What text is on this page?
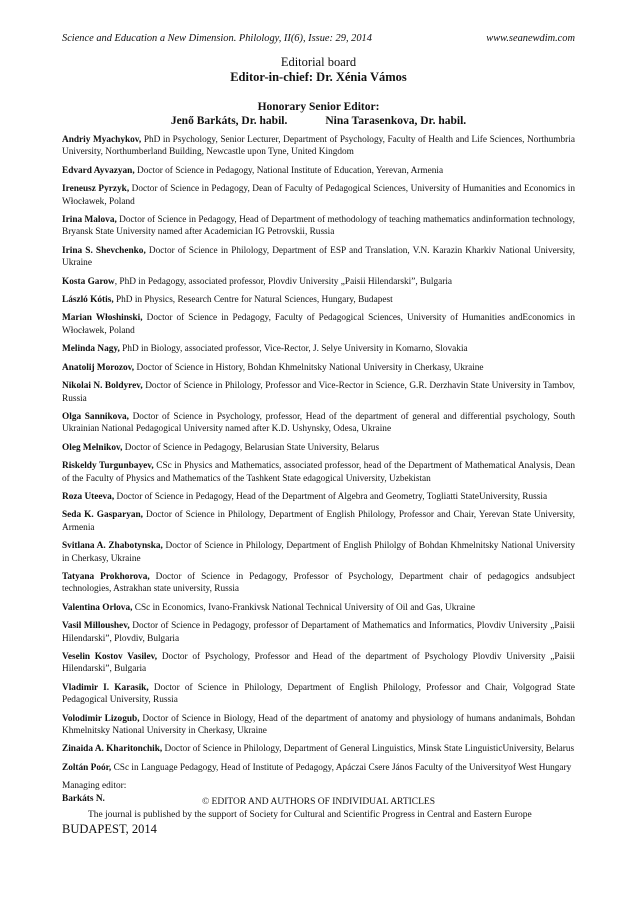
Science and Education a New Dimension. Philology, II(6), Issue: 29, 2014	www.seanewdim.com
Editorial board
Editor-in-chief: Dr. Xénia Vámos
Honorary Senior Editor:
Jenő Barkáts, Dr. habil.	Nina Tarasenkova, Dr. habil.
Andriy Myachykov, PhD in Psychology, Senior Lecturer, Department of Psychology, Faculty of Health and Life Sciences, Northumbria University, Northumberland Building, Newcastle upon Tyne, United Kingdom
Edvard Ayvazyan, Doctor of Science in Pedagogy, National Institute of Education, Yerevan, Armenia
Ireneusz Pyrzyk, Doctor of Science in Pedagogy, Dean of Faculty of Pedagogical Sciences, University of Humanities and Economics in Włocławek, Poland
Irina Malova, Doctor of Science in Pedagogy, Head of Department of methodology of teaching mathematics andinformation technology, Bryansk State University named after Academician IG Petrovskii, Russia
Irina S. Shevchenko, Doctor of Science in Philology, Department of ESP and Translation, V.N. Karazin Kharkiv National University, Ukraine
Kosta Garow, PhD in Pedagogy, associated professor, Plovdiv University „Paisii Hilendarski”, Bulgaria
László Kótis, PhD in Physics, Research Centre for Natural Sciences, Hungary, Budapest
Marian Włoshinski, Doctor of Science in Pedagogy, Faculty of Pedagogical Sciences, University of Humanities andEconomics in Włocławek, Poland
Melinda Nagy, PhD in Biology, associated professor, Vice-Rector, J. Selye University in Komarno, Slovakia
Anatolij Morozov, Doctor of Science in History, Bohdan Khmelnitsky National University in Cherkasy, Ukraine
Nikolai N. Boldyrev, Doctor of Science in Philology, Professor and Vice-Rector in Science, G.R. Derzhavin State University in Tambov, Russia
Olga Sannikova, Doctor of Science in Psychology, professor, Head of the department of general and differential psychology, South Ukrainian National Pedagogical University named after K.D. Ushynsky, Odesa, Ukraine
Oleg Melnikov, Doctor of Science in Pedagogy, Belarusian State University, Belarus
Riskeldy Turgunbayev, CSc in Physics and Mathematics, associated professor, head of the Department of Mathematical Analysis, Dean of the Faculty of Physics and Mathematics of the Tashkent State edagogical University, Uzbekistan
Roza Uteeva, Doctor of Science in Pedagogy, Head of the Department of Algebra and Geometry, Togliatti StateUniversity, Russia
Seda K. Gasparyan, Doctor of Science in Philology, Department of English Philology, Professor and Chair, Yerevan State University, Armenia
Svitlana A. Zhabotynska, Doctor of Science in Philology, Department of English Philolgy of Bohdan Khmelnitsky National University in Cherkasy, Ukraine
Tatyana Prokhorova, Doctor of Science in Pedagogy, Professor of Psychology, Department chair of pedagogics andsubject technologies, Astrakhan state university, Russia
Valentina Orlova, CSc in Economics, Ivano-Frankivsk National Technical University of Oil and Gas, Ukraine
Vasil Milloushev, Doctor of Science in Pedagogy, professor of Departament of Mathematics and Informatics, Plovdiv University „Paisii Hilendarski”, Plovdiv, Bulgaria
Veselin Kostov Vasilev, Doctor of Psychology, Professor and Head of the department of Psychology Plovdiv University „Paisii Hilendarski”, Bulgaria
Vladimir I. Karasik, Doctor of Science in Philology, Department of English Philology, Professor and Chair, Volgograd State Pedagogical University, Russia
Volodimir Lizogub, Doctor of Science in Biology, Head of the department of anatomy and physiology of humans andanimals, Bohdan Khmelnitsky National University in Cherkasy, Ukraine
Zinaida A. Kharitonchik, Doctor of Science in Philology, Department of General Linguistics, Minsk State LinguisticUniversity, Belarus
Zoltán Poór, CSc in Language Pedagogy, Head of Institute of Pedagogy, Apáczai Csere János Faculty of the Universityof West Hungary
Managing editor:
Barkáts N.	© EDITOR AND AUTHORS OF INDIVIDUAL ARTICLES
The journal is published by the support of Society for Cultural and Scientific Progress in Central and Eastern Europe
BUDAPEST, 2014
